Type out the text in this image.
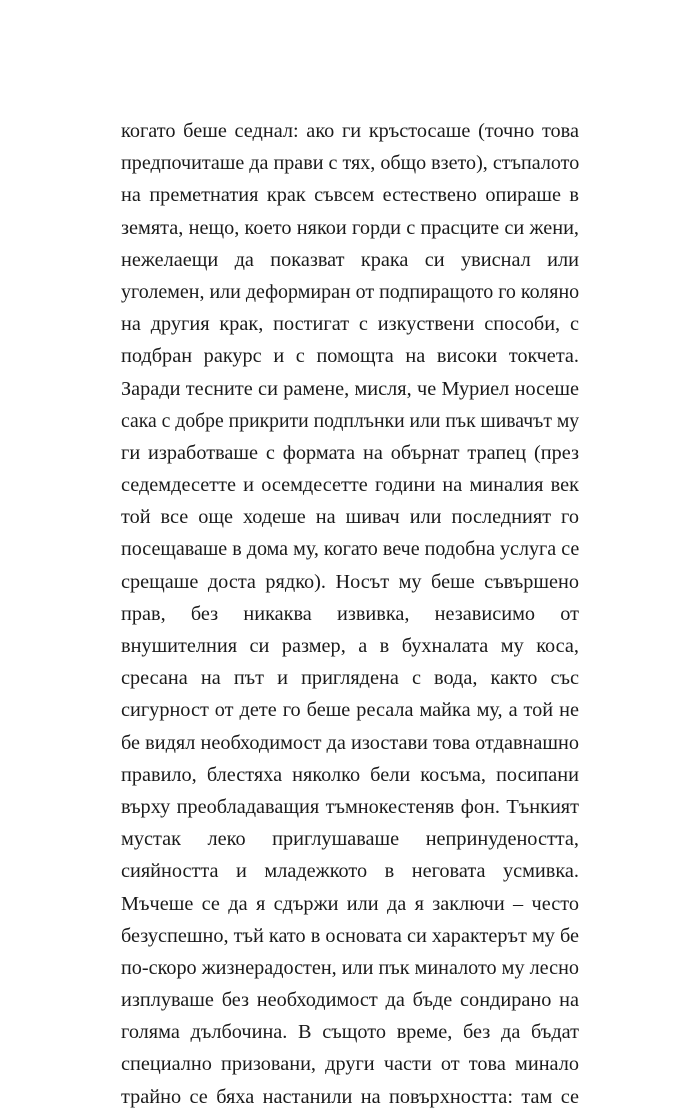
когато беше седнал: ако ги кръстосаше (точно това
предпочиташе да прави с тях, общо взето), стъпалото
на преметнатия крак съвсем естествено опираше в
земята, нещо, което някои горди с прасците си жени,
нежелаещи да показват крака си увиснал или
уголемен, или деформиран от подпиращото го коляно
на другия крак, постигат с изкуствени способи, с
подбран ракурс и с помощта на високи токчета.
Заради тесните си рамене, мисля, че Муриел носеше
сака с добре прикрити подплънки или пък шивачът му
ги изработваше с формата на обърнат трапец (през
седемдесетте и осемдесетте години на миналия век
той все още ходеше на шивач или последният го
посещаваше в дома му, когато вече подобна услуга се
срещаше доста рядко). Носът му беше съвършено
прав, без никаква извивка, независимо от
внушителния си размер, а в бухналата му коса,
сресана на път и приглядена с вода, както със
сигурност от дете го беше ресала майка му, а той не
бе видял необходимост да изостави това отдавнашно
правило, блестяха няколко бели косъма, посипани
върху преобладаващия тъмнокестеняв фон. Тънкият
мустак леко приглушаваше непринудеността,
сияйността и младежкото в неговата усмивка.
Мъчеше се да я сдържи или да я заключи – често
безуспешно, тъй като в основата си характерът му бе
по-скоро жизнерадостен, или пък миналото му лесно
изплуваше без необходимост да бъде сондирано на
голяма дълбочина. В същото време, без да бъдат
специално призовани, други части от това минало
трайно се бяха настанили на повърхността: там се
